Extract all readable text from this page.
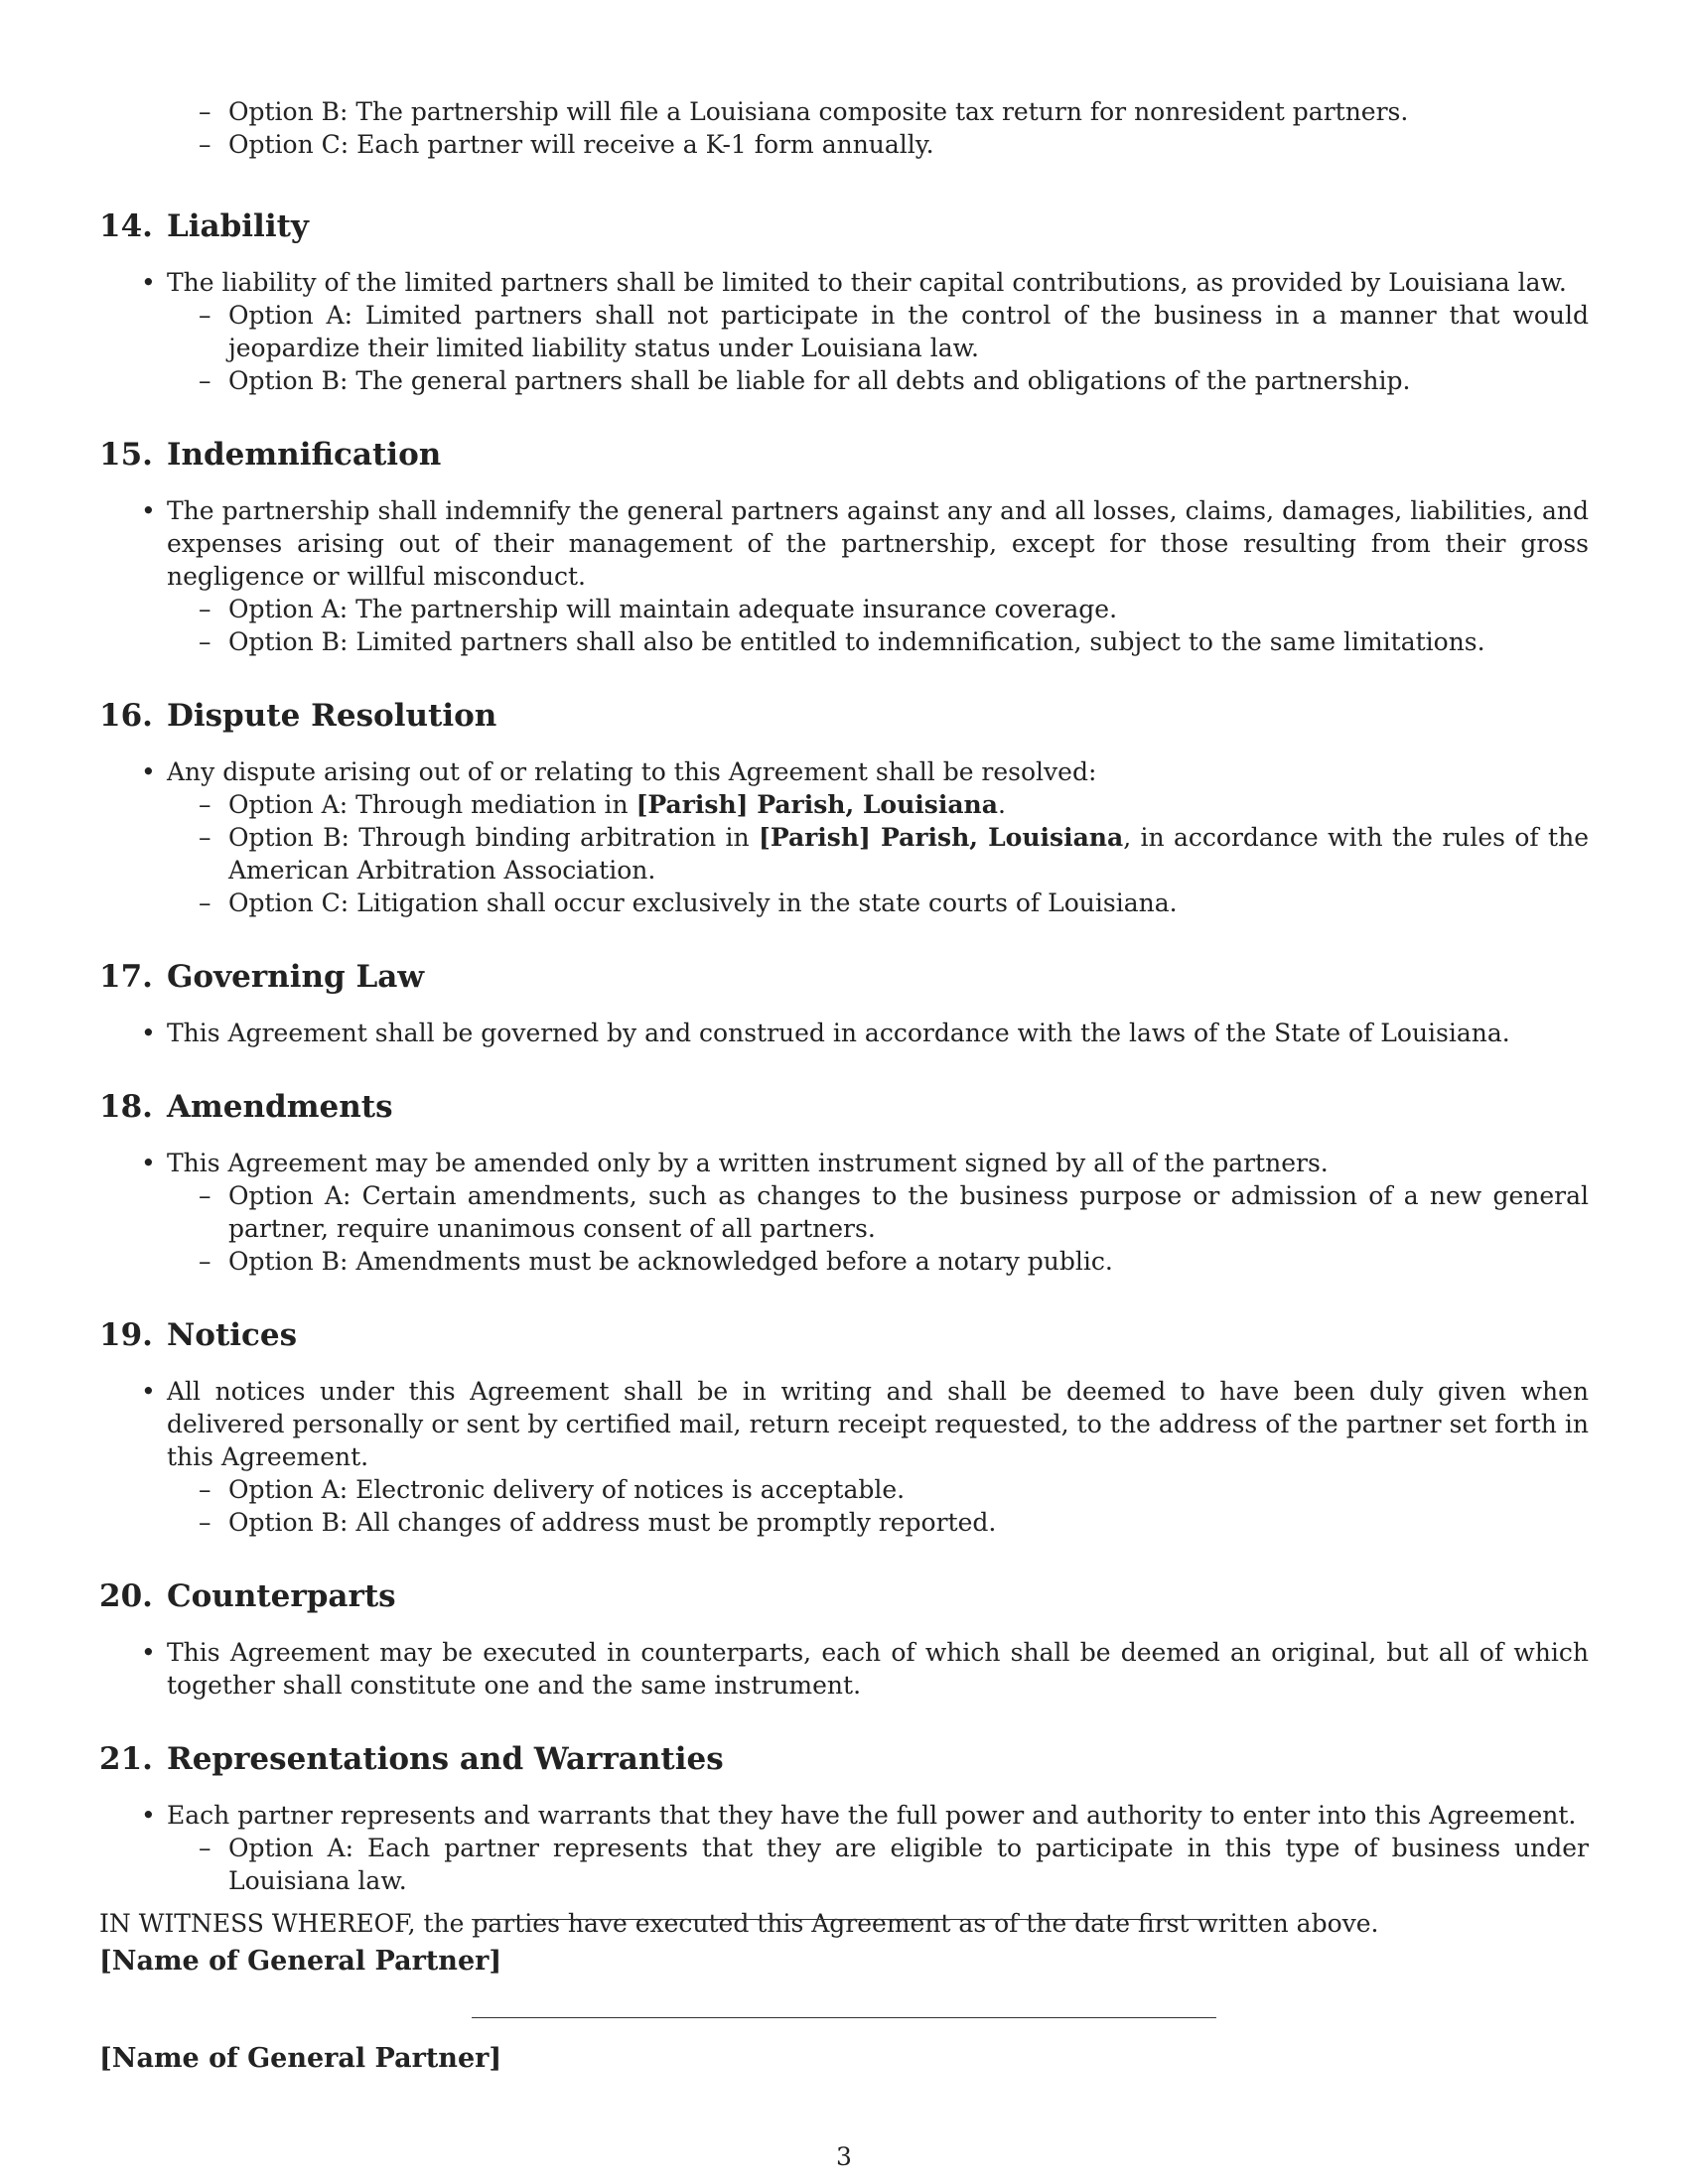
– Option B: The partnership will file a Louisiana composite tax return for nonresident partners.
– Option C: Each partner will receive a K-1 form annually.
14. Liability
• The liability of the limited partners shall be limited to their capital contributions, as provided by Louisiana law.
– Option A: Limited partners shall not participate in the control of the business in a manner that would jeopardize their limited liability status under Louisiana law.
– Option B: The general partners shall be liable for all debts and obligations of the partnership.
15. Indemnification
• The partnership shall indemnify the general partners against any and all losses, claims, damages, liabilities, and expenses arising out of their management of the partnership, except for those resulting from their gross negligence or willful misconduct.
– Option A: The partnership will maintain adequate insurance coverage.
– Option B: Limited partners shall also be entitled to indemnification, subject to the same limitations.
16. Dispute Resolution
• Any dispute arising out of or relating to this Agreement shall be resolved:
– Option A: Through mediation in [Parish] Parish, Louisiana.
– Option B: Through binding arbitration in [Parish] Parish, Louisiana, in accordance with the rules of the American Arbitration Association.
– Option C: Litigation shall occur exclusively in the state courts of Louisiana.
17. Governing Law
• This Agreement shall be governed by and construed in accordance with the laws of the State of Louisiana.
18. Amendments
• This Agreement may be amended only by a written instrument signed by all of the partners.
– Option A: Certain amendments, such as changes to the business purpose or admission of a new general partner, require unanimous consent of all partners.
– Option B: Amendments must be acknowledged before a notary public.
19. Notices
• All notices under this Agreement shall be in writing and shall be deemed to have been duly given when delivered personally or sent by certified mail, return receipt requested, to the address of the partner set forth in this Agreement.
– Option A: Electronic delivery of notices is acceptable.
– Option B: All changes of address must be promptly reported.
20. Counterparts
• This Agreement may be executed in counterparts, each of which shall be deemed an original, but all of which together shall constitute one and the same instrument.
21. Representations and Warranties
• Each partner represents and warrants that they have the full power and authority to enter into this Agreement.
– Option A: Each partner represents that they are eligible to participate in this type of business under Louisiana law.

IN WITNESS WHEREOF, the parties have executed this Agreement as of the date first written above.

[Name of General Partner]
[Name of General Partner]
3
